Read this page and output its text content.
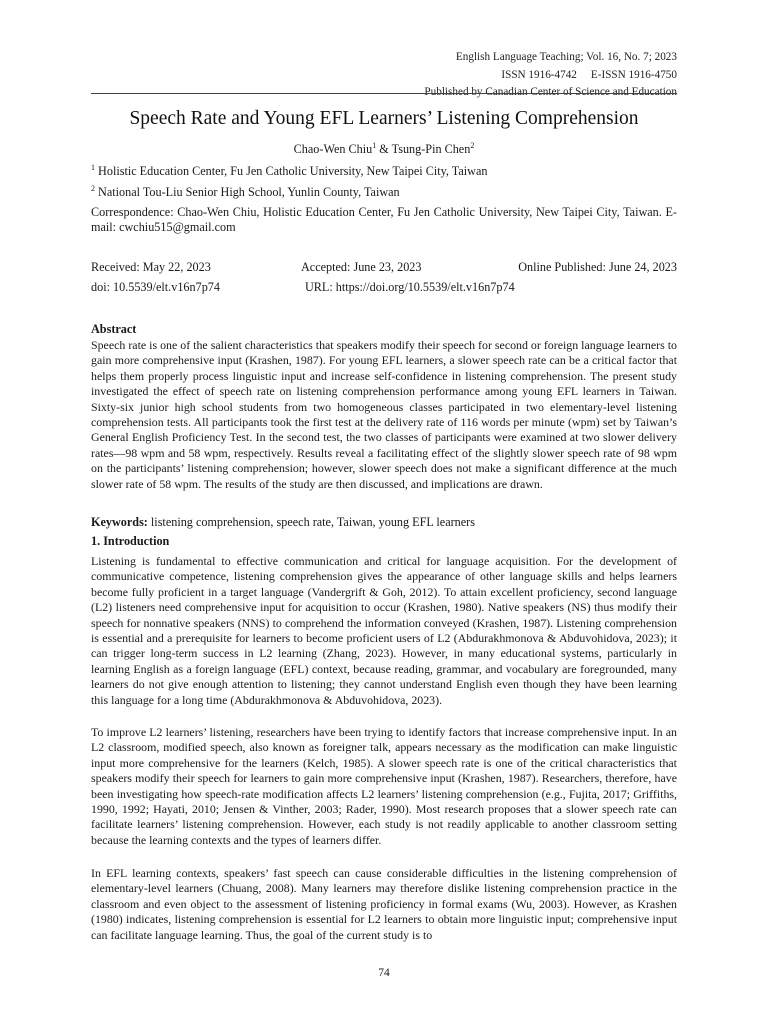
English Language Teaching; Vol. 16, No. 7; 2023
ISSN 1916-4742 E-ISSN 1916-4750
Published by Canadian Center of Science and Education
Speech Rate and Young EFL Learners’ Listening Comprehension
Chao-Wen Chiu$^1$ & Tsung-Pin Chen$^2$
$^1$ Holistic Education Center, Fu Jen Catholic University, New Taipei City, Taiwan
$^2$ National Tou-Liu Senior High School, Yunlin County, Taiwan
Correspondence: Chao-Wen Chiu, Holistic Education Center, Fu Jen Catholic University, New Taipei City, Taiwan. E-mail: cwchiu515@gmail.com
Received: May 22, 2023	Accepted: June 23, 2023	Online Published: June 24, 2023
doi: 10.5539/elt.v16n7p74	URL: https://doi.org/10.5539/elt.v16n7p74
Abstract
Speech rate is one of the salient characteristics that speakers modify their speech for second or foreign language learners to gain more comprehensive input (Krashen, 1987). For young EFL learners, a slower speech rate can be a critical factor that helps them properly process linguistic input and increase self-confidence in listening comprehension. The present study investigated the effect of speech rate on listening comprehension performance among young EFL learners in Taiwan. Sixty-six junior high school students from two homogeneous classes participated in two elementary-level listening comprehension tests. All participants took the first test at the delivery rate of 116 words per minute (wpm) set by Taiwan’s General English Proficiency Test. In the second test, the two classes of participants were examined at two slower delivery rates—98 wpm and 58 wpm, respectively. Results reveal a facilitating effect of the slightly slower speech rate of 98 wpm on the participants’ listening comprehension; however, slower speech does not make a significant difference at the much slower rate of 58 wpm. The results of the study are then discussed, and implications are drawn.
Keywords: listening comprehension, speech rate, Taiwan, young EFL learners
1. Introduction
Listening is fundamental to effective communication and critical for language acquisition. For the development of communicative competence, listening comprehension gives the appearance of other language skills and helps learners become fully proficient in a target language (Vandergrift & Goh, 2012). To attain excellent proficiency, second language (L2) listeners need comprehensive input for acquisition to occur (Krashen, 1980). Native speakers (NS) thus modify their speech for nonnative speakers (NNS) to comprehend the information conveyed (Krashen, 1987). Listening comprehension is essential and a prerequisite for learners to become proficient users of L2 (Abdurakhmonova & Abduvohidova, 2023); it can trigger long-term success in L2 learning (Zhang, 2023). However, in many educational systems, particularly in learning English as a foreign language (EFL) context, because reading, grammar, and vocabulary are foregrounded, many learners do not give enough attention to listening; they cannot understand English even though they have been learning this language for a long time (Abdurakhmonova & Abduvohidova, 2023).
To improve L2 learners’ listening, researchers have been trying to identify factors that increase comprehensive input. In an L2 classroom, modified speech, also known as foreigner talk, appears necessary as the modification can make linguistic input more comprehensive for the learners (Kelch, 1985). A slower speech rate is one of the critical characteristics that speakers modify their speech for learners to gain more comprehensive input (Krashen, 1987). Researchers, therefore, have been investigating how speech-rate modification affects L2 learners’ listening comprehension (e.g., Fujita, 2017; Griffiths, 1990, 1992; Hayati, 2010; Jensen & Vinther, 2003; Rader, 1990). Most research proposes that a slower speech rate can facilitate learners’ listening comprehension. However, each study is not readily applicable to another classroom setting because the learning contexts and the types of learners differ.
In EFL learning contexts, speakers’ fast speech can cause considerable difficulties in the listening comprehension of elementary-level learners (Chuang, 2008). Many learners may therefore dislike listening comprehension practice in the classroom and even object to the assessment of listening proficiency in formal exams (Wu, 2003). However, as Krashen (1980) indicates, listening comprehension is essential for L2 learners to obtain more linguistic input; comprehensive input can facilitate language learning. Thus, the goal of the current study is to
74
